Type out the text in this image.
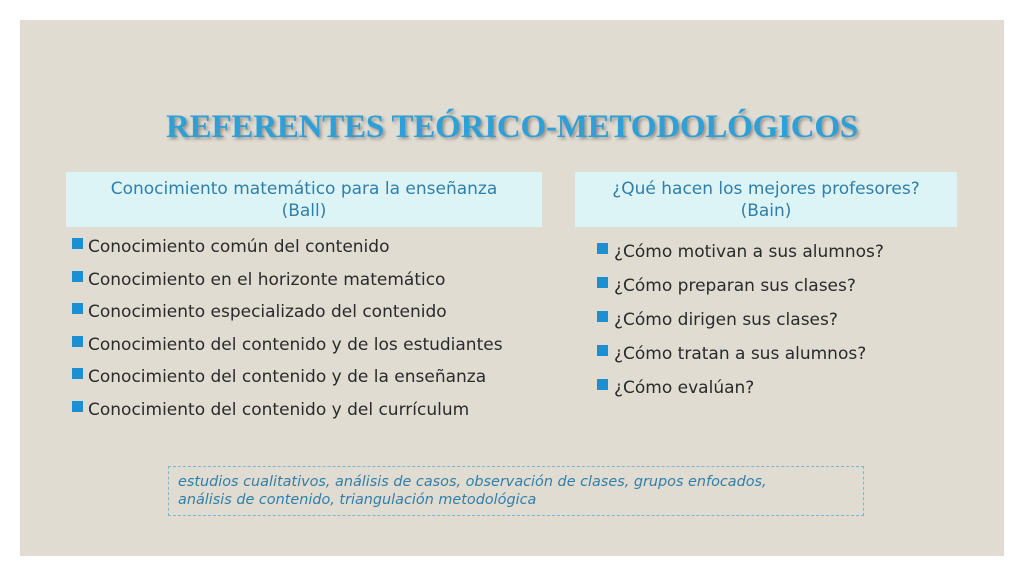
REFERENTES TEÓRICO-METODOLÓGICOS
Conocimiento matemático para la enseñanza
(Ball)
¿Qué hacen los mejores profesores?
(Bain)
Conocimiento común del contenido
Conocimiento en el horizonte matemático
Conocimiento especializado del contenido
Conocimiento del contenido y de los estudiantes
Conocimiento del contenido y de la enseñanza
Conocimiento del contenido y del currículum
¿Cómo motivan a sus alumnos?
¿Cómo preparan sus clases?
¿Cómo dirigen sus clases?
¿Cómo tratan a sus alumnos?
¿Cómo evalúan?
estudios cualitativos, análisis de casos, observación de clases, grupos enfocados,
análisis de contenido, triangulación metodológica
